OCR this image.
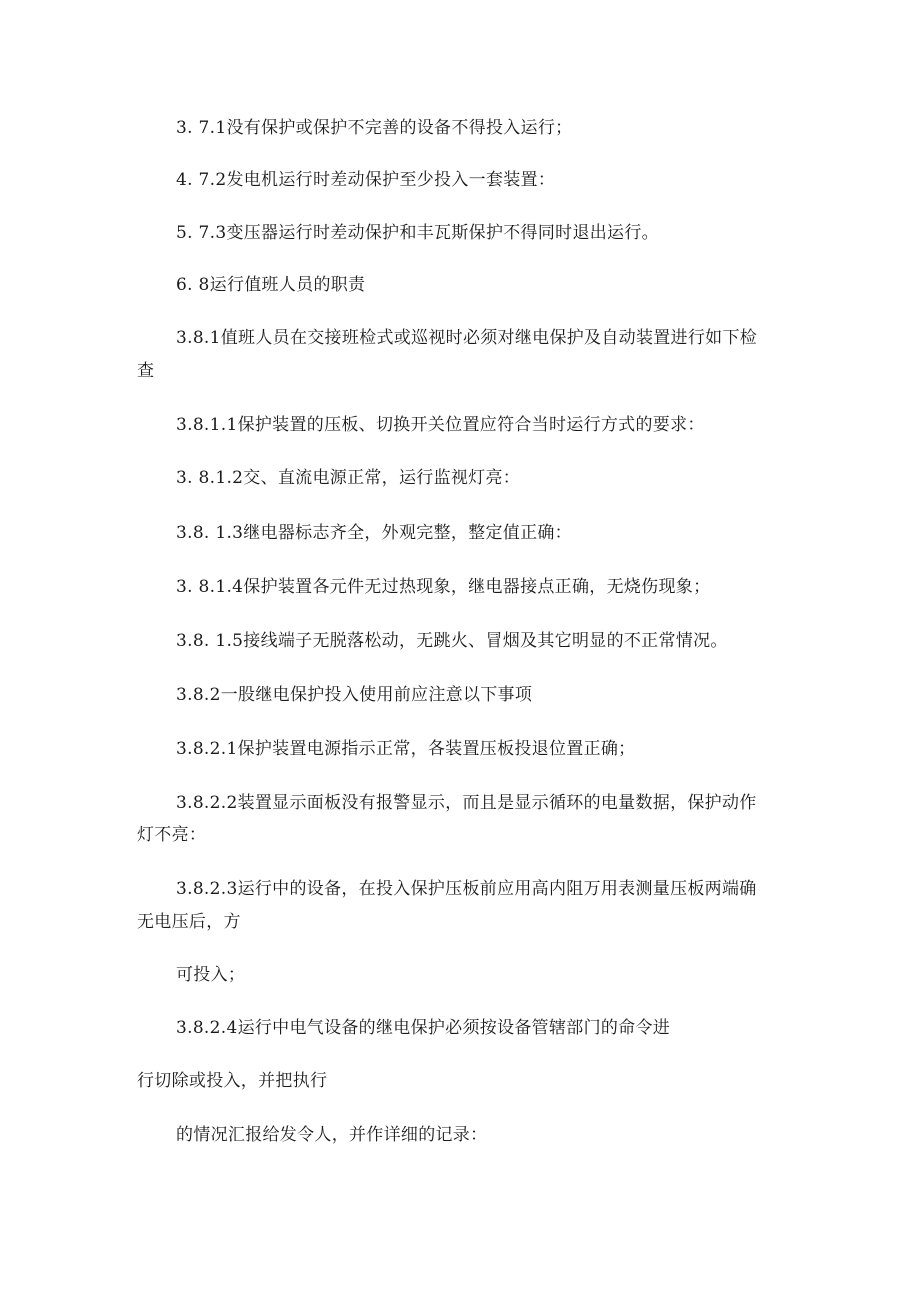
3. 7.1没有保护或保护不完善的设备不得投入运行；
4. 7.2发电机运行时差动保护至少投入一套装置：
5. 7.3变压器运行时差动保护和丰瓦斯保护不得同时退出运行。
6. 8运行值班人员的职责
3.8.1值班人员在交接班检式或巡视时必须对继电保护及自动装置进行如下检
查
3.8.1.1保护装置的压板、切换开关位置应符合当时运行方式的要求：
3. 8.1.2交、直流电源正常，运行监视灯亮：
3.8. 1.3继电器标志齐全，外观完整，整定值正确：
3. 8.1.4保护装置各元件无过热现象，继电器接点正确，无烧伤现象；
3.8. 1.5接线端子无脱落松动，无跳火、冒烟及其它明显的不正常情况。
3.8.2一股继电保护投入使用前应注意以下事项
3.8.2.1保护装置电源指示正常，各装置压板投退位置正确；
3.8.2.2装置显示面板没有报警显示，而且是显示循环的电量数据，保护动作
灯不亮：
3.8.2.3运行中的设备，在投入保护压板前应用高内阻万用表测量压板两端确
无电压后，方
可投入；
3.8.2.4运行中电气设备的继电保护必须按设备管辖部门的命令进
行切除或投入，并把执行
的情况汇报给发令人，并作详细的记录：
